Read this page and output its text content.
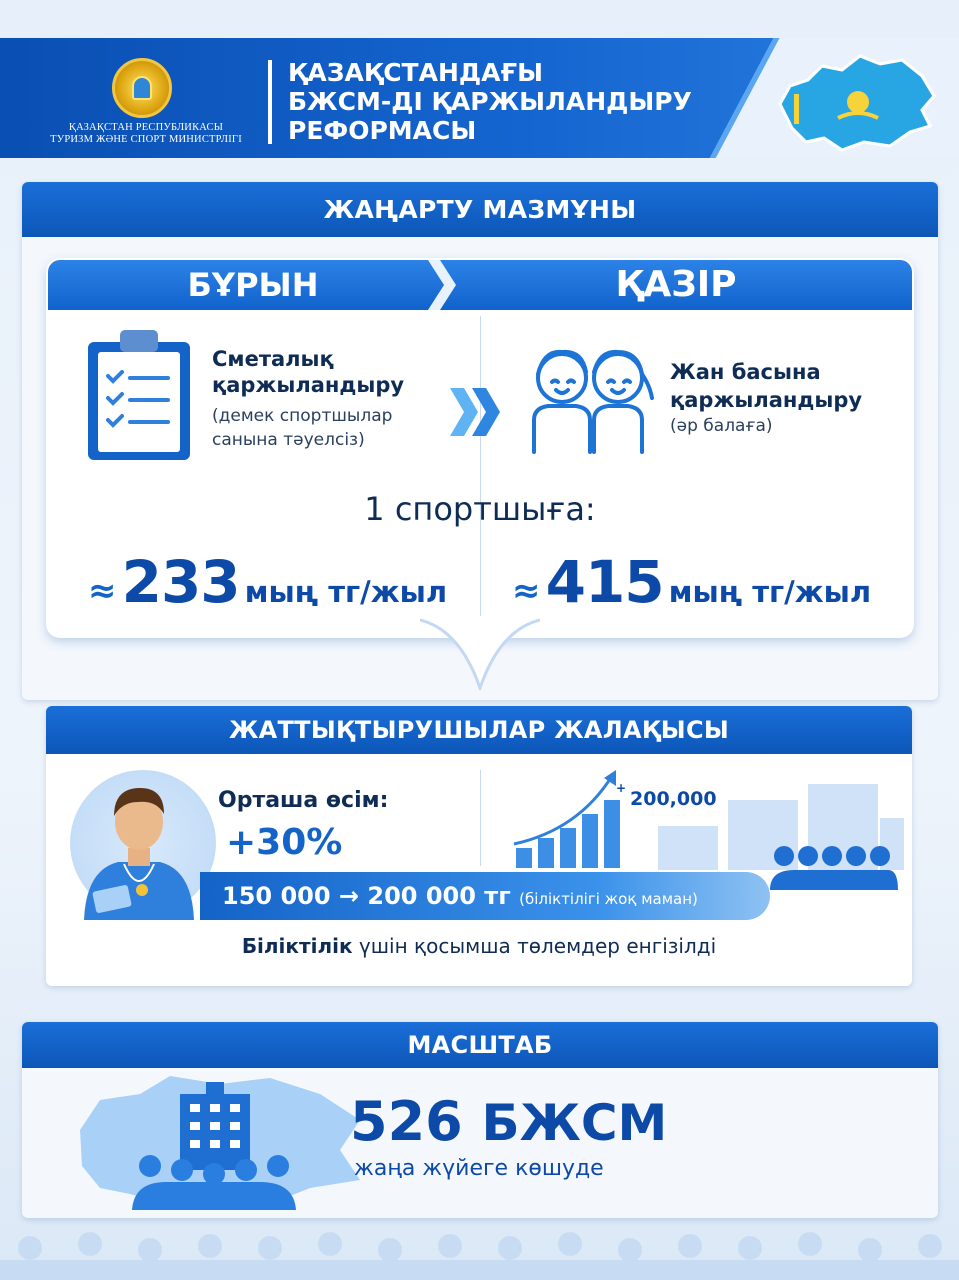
ҚАЗАҚСТАН РЕСПУБЛИКАСЫ
ТУРИЗМ ЖӘНЕ СПОРТ МИНИСТРЛІГІ
ҚАЗАҚСТАНДАҒЫ
БЖСМ-ДІ ҚАРЖЫЛАНДЫРУ
РЕФОРМАСЫ
ЖАҢАРТУ МАЗМҰНЫ
БҰРЫН	ҚАЗІР
Сметалық
қаржыландыру
(демек спортшылар
санына тәуелсіз)
Жан басына
қаржыландыру
(әр балаға)
1 спортшыға:
≈ 233 мың тг/жыл	≈ 415 мың тг/жыл
ЖАТТЫҚТЫРУШЫЛАР ЖАЛАҚЫСЫ
Орташа өсім:
+30%
+ 200,000
150 000 → 200 000 тг (біліктілігі жоқ маман)
Біліктілік үшін қосымша төлемдер енгізілді
МАСШТАБ
526 БЖСМ
жаңа жүйеге көшуде
